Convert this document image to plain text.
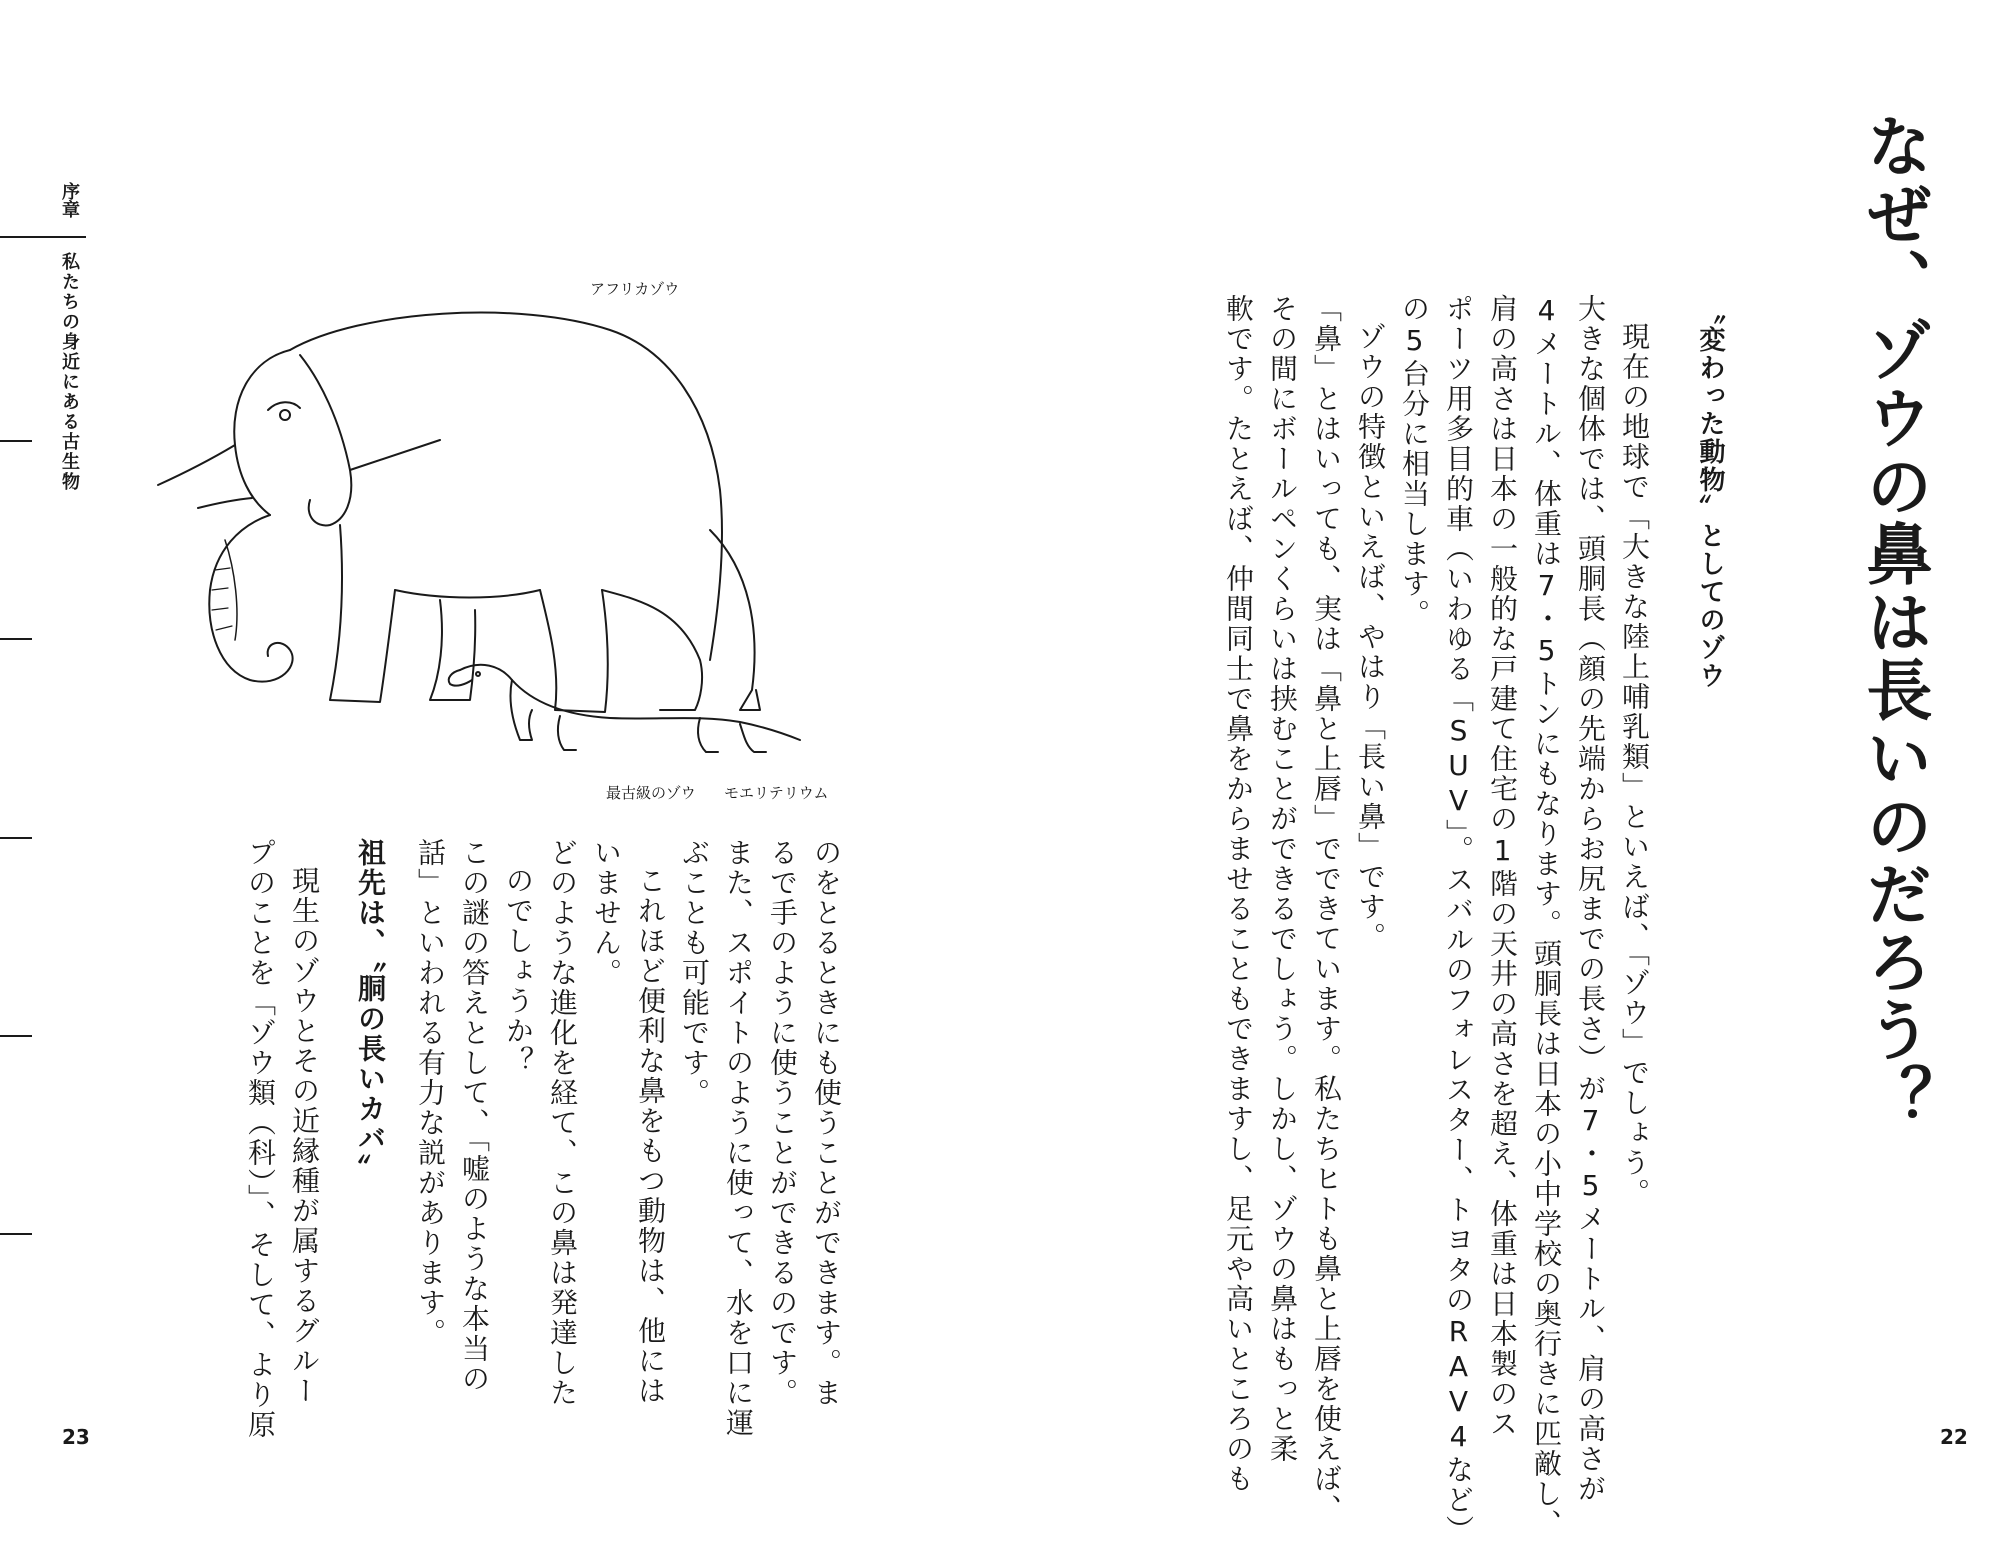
なぜ、ゾウの鼻は長いのだろう？
〝変わった動物〟としてのゾウ
現在の地球で「大きな陸上哺乳類」といえば、「ゾウ」でしょう。
大きな個体では、頭胴長（顔の先端からお尻までの長さ）が7・5メートル、肩の高さが
4メートル、体重は7・5トンにもなります。頭胴長は日本の小中学校の奥行きに匹敵し、
肩の高さは日本の一般的な戸建て住宅の1階の天井の高さを超え、体重は日本製のス
ポーツ用多目的車（いわゆる「SUV」。スバルのフォレスター、トヨタのRAV4など）
の5台分に相当します。
ゾウの特徴といえば、やはり「長い鼻」です。
「鼻」とはいっても、実は「鼻と上唇」でできています。私たちヒトも鼻と上唇を使えば、
その間にボールペンくらいは挟むことができるでしょう。しかし、ゾウの鼻はもっと柔
軟です。たとえば、仲間同士で鼻をからませることもできますし、足元や高いところのも	22
序章
私たちの身近にある古生物	アフリカゾウ
最古級のゾウ モエリテリウム
のをとるときにも使うことができます。ま
るで手のように使うことができるのです。
また、スポイトのように使って、水を口に運
ぶことも可能です。
これほど便利な鼻をもつ動物は、他には
いません。
どのような進化を経て、この鼻は発達した
のでしょうか？
この謎の答えとして、「嘘のような本当の
話」といわれる有力な説があります。
祖先は、〝胴の長いカバ〟
現生のゾウとその近縁種が属するグルー
プのことを「ゾウ類（科）」、そして、より原
23
